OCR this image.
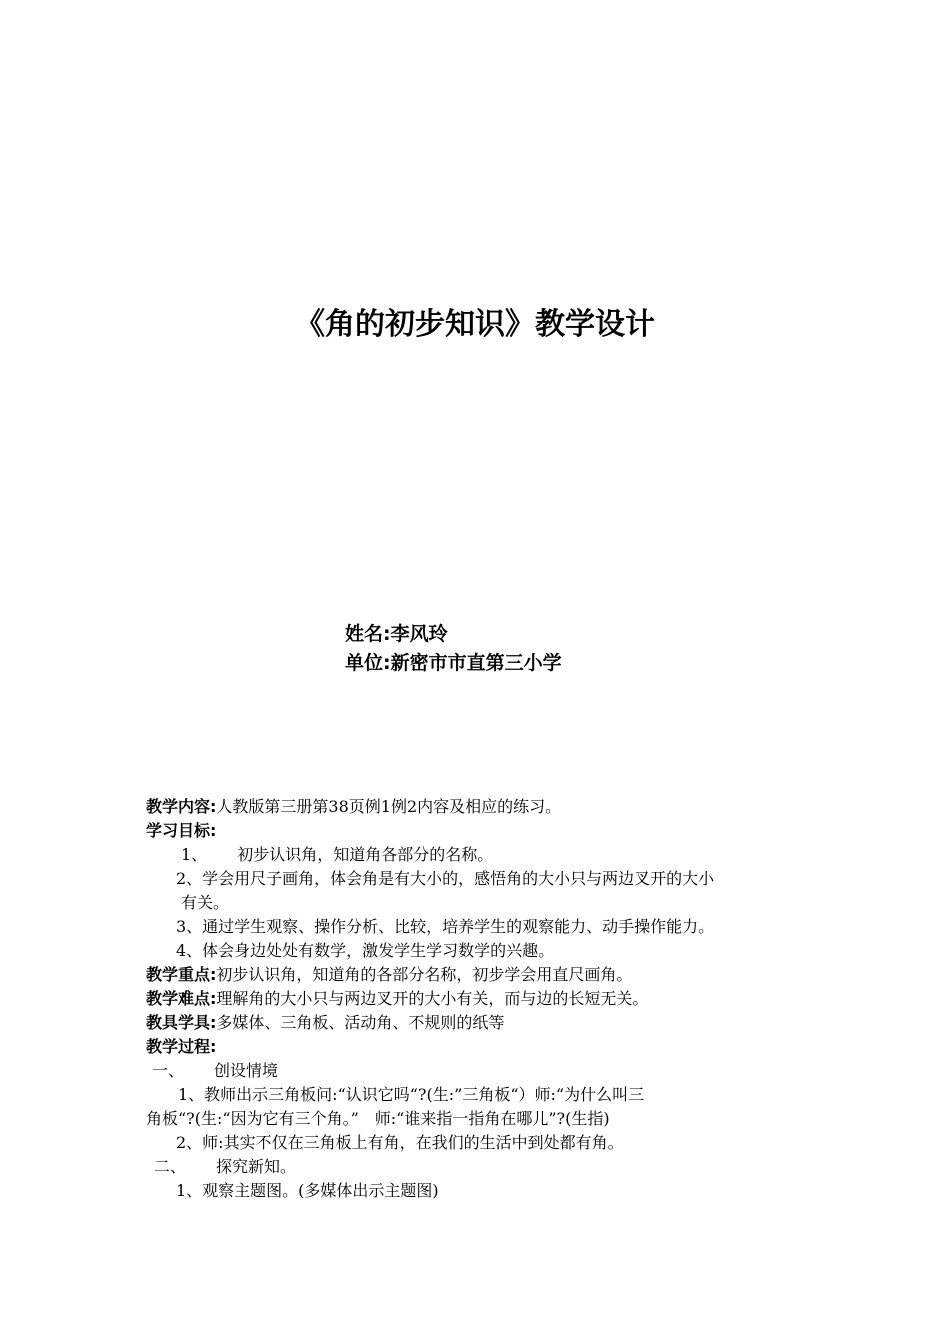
《角的初步知识》教学设计
姓名:李风玲
单位:新密市市直第三小学
教学内容:人教版第三册第38页例1例2内容及相应的练习。
学习目标:
1、 初步认识角，知道角各部分的名称。
2、学会用尺子画角，体会角是有大小的，感悟角的大小只与两边叉开的大小
有关。
3、通过学生观察、操作分析、比较，培养学生的观察能力、动手操作能力。
4、体会身边处处有数学，激发学生学习数学的兴趣。
教学重点:初步认识角，知道角的各部分名称，初步学会用直尺画角。
教学难点:理解角的大小只与两边叉开的大小有关，而与边的长短无关。
教具学具:多媒体、三角板、活动角、不规则的纸等
教学过程:
一、 创设情境
1、教师出示三角板问:“认识它吗“?(生:”三角板“）师:“为什么叫三
角板“?(生:“因为它有三个角。”　师:“谁来指一指角在哪儿”?(生指)
2、师:其实不仅在三角板上有角，在我们的生活中到处都有角。
二、 探究新知。
1、观察主题图。(多媒体出示主题图)
